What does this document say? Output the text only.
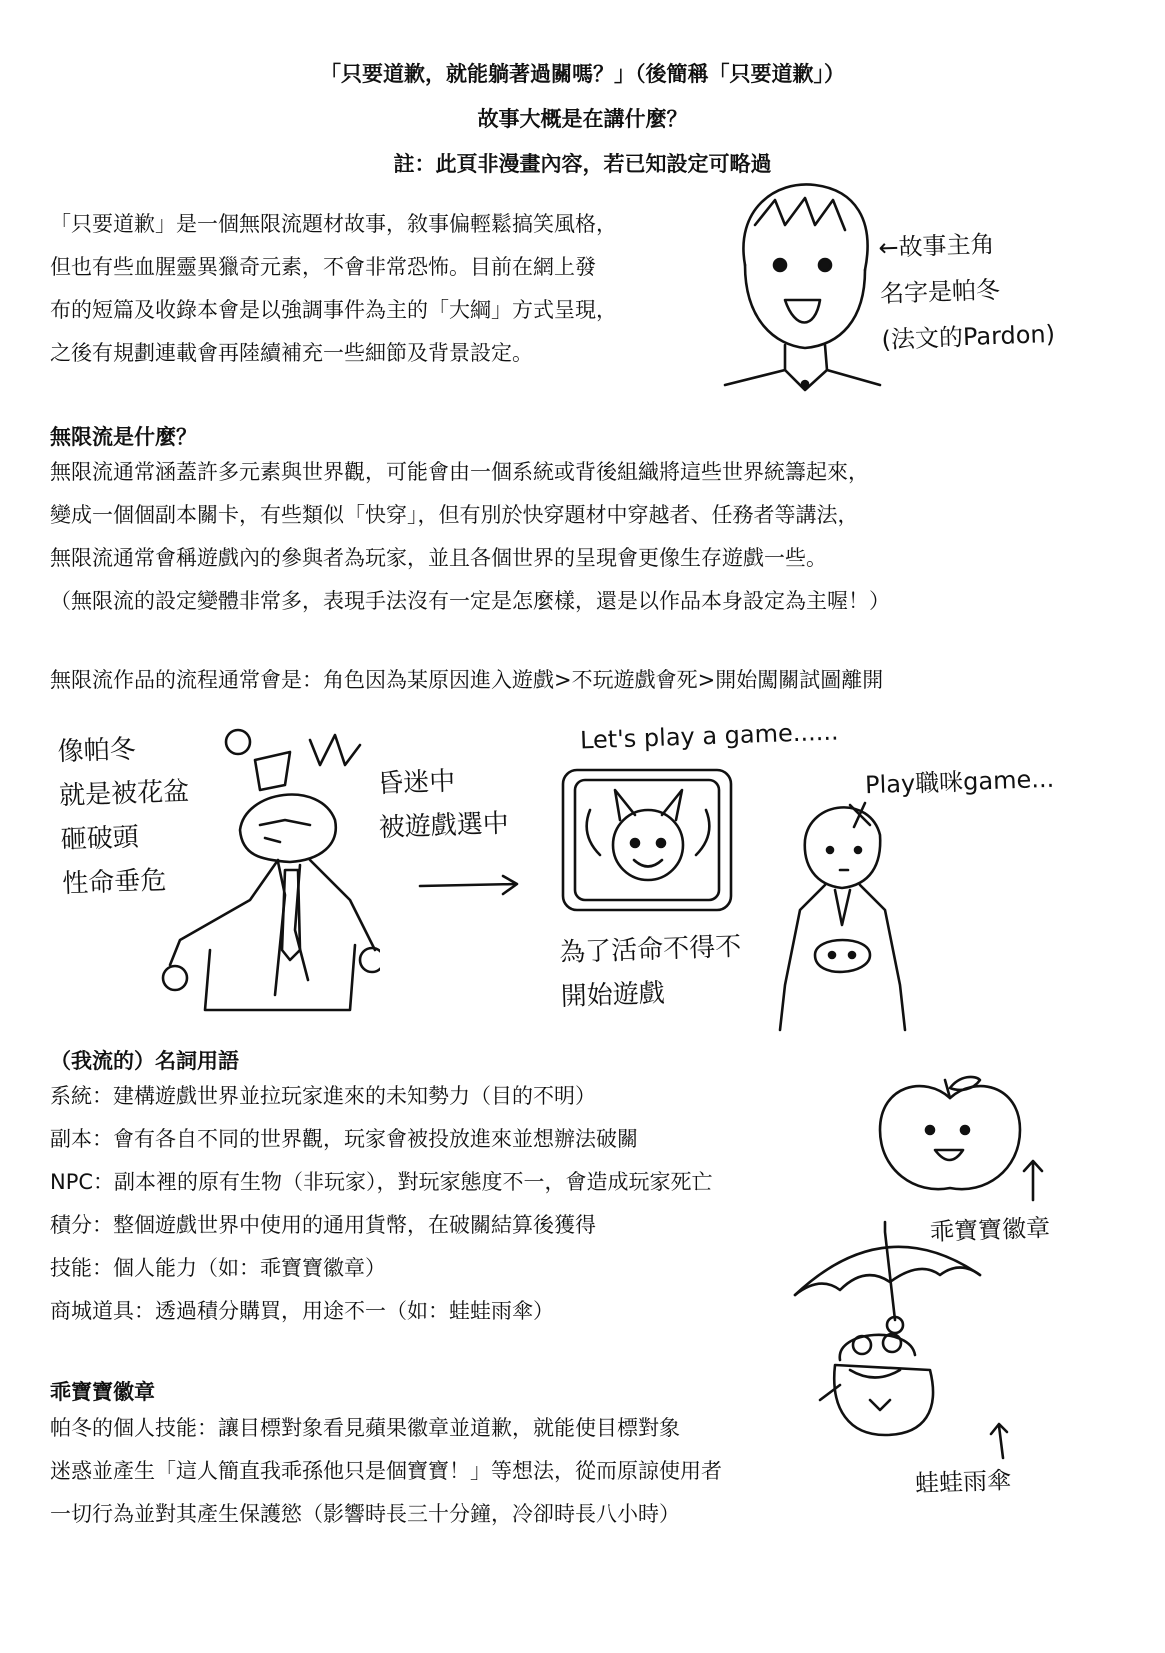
「只要道歉，就能躺著過關嗎？」（後簡稱「只要道歉」）
故事大概是在講什麼？
註：此頁非漫畫內容，若已知設定可略過
「只要道歉」是一個無限流題材故事，敘事偏輕鬆搞笑風格，
但也有些血腥靈異獵奇元素，不會非常恐怖。目前在網上發
布的短篇及收錄本會是以強調事件為主的「大綱」方式呈現，
之後有規劃連載會再陸續補充一些細節及背景設定。
←故事主角
名字是帕冬
(法文的Pardon)
無限流是什麼？
無限流通常涵蓋許多元素與世界觀，可能會由一個系統或背後組織將這些世界統籌起來，
變成一個個副本關卡，有些類似「快穿」，但有別於快穿題材中穿越者、任務者等講法，
無限流通常會稱遊戲內的參與者為玩家，並且各個世界的呈現會更像生存遊戲一些。
（無限流的設定變體非常多，表現手法沒有一定是怎麼樣，還是以作品本身設定為主喔！）
無限流作品的流程通常會是：角色因為某原因進入遊戲>不玩遊戲會死>開始闖關試圖離開
像帕冬
就是被花盆
砸破頭
性命垂危
昏迷中
被遊戲選中
Let's play a game......
為了活命不得不
開始遊戲
Play職咪game...
（我流的）名詞用語
系統：建構遊戲世界並拉玩家進來的未知勢力（目的不明）
副本：會有各自不同的世界觀，玩家會被投放進來並想辦法破關
NPC：副本裡的原有生物（非玩家），對玩家態度不一，會造成玩家死亡
積分：整個遊戲世界中使用的通用貨幣，在破關結算後獲得
技能：個人能力（如：乖寶寶徽章）
商城道具：透過積分購買，用途不一（如：蛙蛙雨傘）
乖寶寶徽章
蛙蛙雨傘
乖寶寶徽章
帕冬的個人技能：讓目標對象看見蘋果徽章並道歉，就能使目標對象
迷惑並產生「這人簡直我乖孫他只是個寶寶！」等想法，從而原諒使用者
一切行為並對其產生保護慾（影響時長三十分鐘，冷卻時長八小時）
